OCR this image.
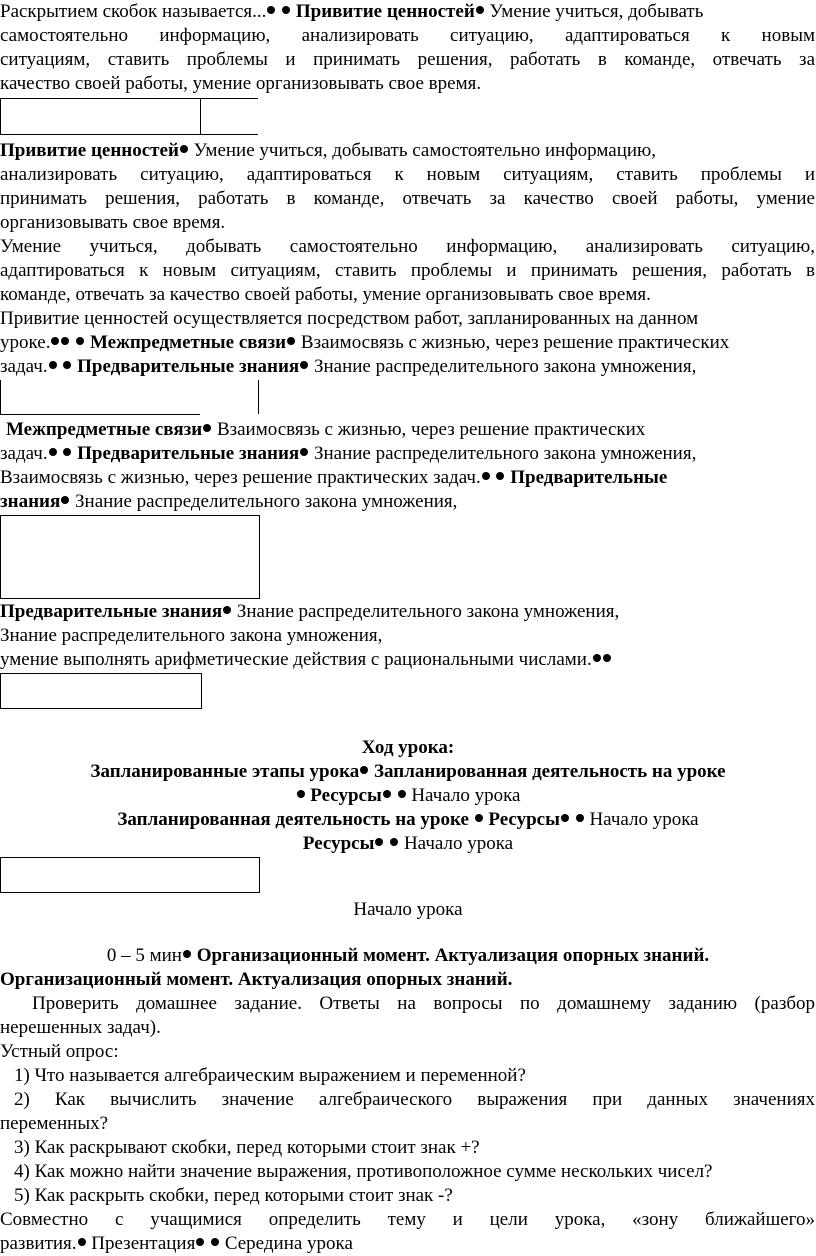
Раскрытием скобок называется... Привитие ценностей Умение учиться, добывать
самостоятельно информацию, анализировать ситуацию, адаптироваться к новым
ситуациям, ставить проблемы и принимать решения, работать в команде, отвечать за
качество своей работы, умение организовывать свое время.
Привитие ценностей Умение учиться, добывать самостоятельно информацию,
анализировать ситуацию, адаптироваться к новым ситуациям, ставить проблемы и
принимать решения, работать в команде, отвечать за качество своей работы, умение
организовывать свое время.
Умение учиться, добывать самостоятельно информацию, анализировать ситуацию,
адаптироваться к новым ситуациям, ставить проблемы и принимать решения, работать в
команде, отвечать за качество своей работы, умение организовывать свое время.
Привитие ценностей осуществляется посредством работ, запланированных на данном
уроке. Межпредметные связи Взаимосвязь с жизнью, через решение практических
задач. Предварительные знания Знание распределительного закона умножения,
Межпредметные связи Взаимосвязь с жизнью, через решение практических
задач. Предварительные знания Знание распределительного закона умножения,
Взаимосвязь с жизнью, через решение практических задач. Предварительные
знания Знание распределительного закона умножения,
Предварительные знания Знание распределительного закона умножения,
Знание распределительного закона умножения,
умение выполнять арифметические действия с рациональными числами.
Ход урока:
Запланированные этапы урока Запланированная деятельность на уроке
Ресурсы Начало урока
Запланированная деятельность на уроке Ресурсы Начало урока
Ресурсы Начало урока
Начало урока
0 – 5 мин Организационный момент. Актуализация опорных знаний.
Организационный момент. Актуализация опорных знаний.
Проверить домашнее задание. Ответы на вопросы по домашнему заданию (разбор
нерешенных задач).
Устный опрос:
1) Что называется алгебраическим выражением и переменной?
2) Как вычислить значение алгебраического выражения при данных значениях
переменных?
3) Как раскрывают скобки, перед которыми стоит знак +?
4) Как можно найти значение выражения, противоположное сумме нескольких чисел?
5) Как раскрыть скобки, перед которыми стоит знак -?
Совместно с учащимися определить тему и цели урока, «зону ближайшего»
развития. Презентация Середина урока
